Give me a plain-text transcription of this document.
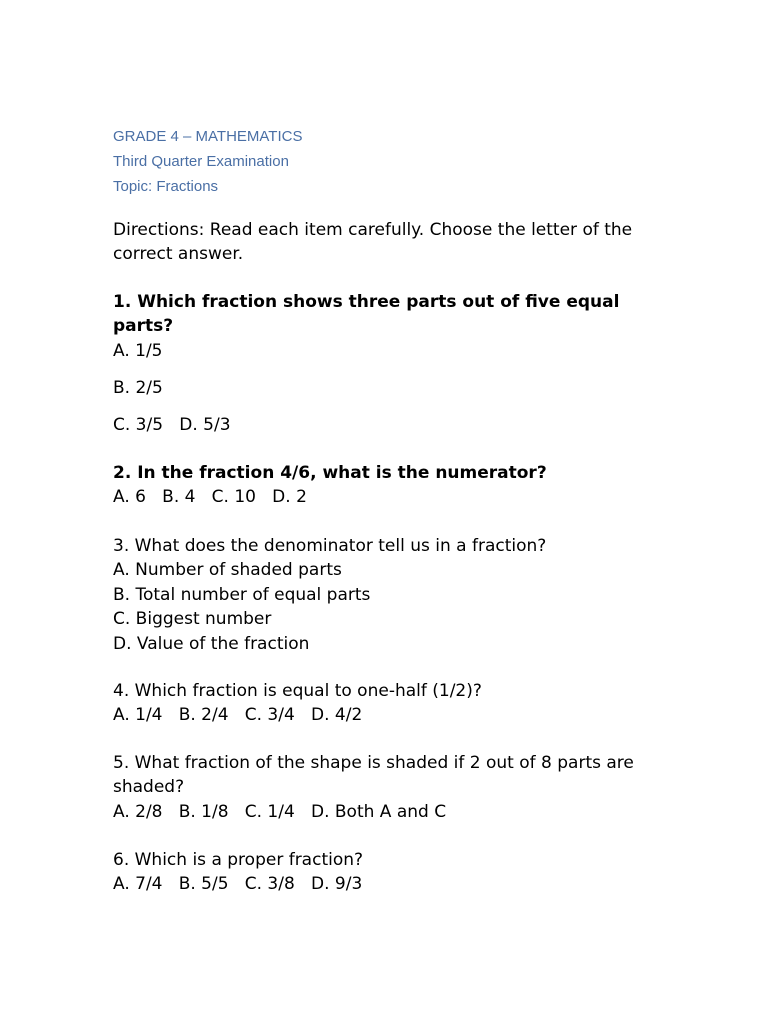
GRADE 4 – MATHEMATICS
Third Quarter Examination
Topic: Fractions
Directions: Read each item carefully. Choose the letter of the
correct answer.
1. Which fraction shows three parts out of five equal
parts?
A. 1/5
B. 2/5
C. 3/5   D. 5/3
2. In the fraction 4/6, what is the numerator?
A. 6   B. 4   C. 10   D. 2
3. What does the denominator tell us in a fraction?
A. Number of shaded parts
B. Total number of equal parts
C. Biggest number
D. Value of the fraction
4. Which fraction is equal to one-half (1/2)?
A. 1/4   B. 2/4   C. 3/4   D. 4/2
5. What fraction of the shape is shaded if 2 out of 8 parts are
shaded?
A. 2/8   B. 1/8   C. 1/4   D. Both A and C
6. Which is a proper fraction?
A. 7/4   B. 5/5   C. 3/8   D. 9/3
